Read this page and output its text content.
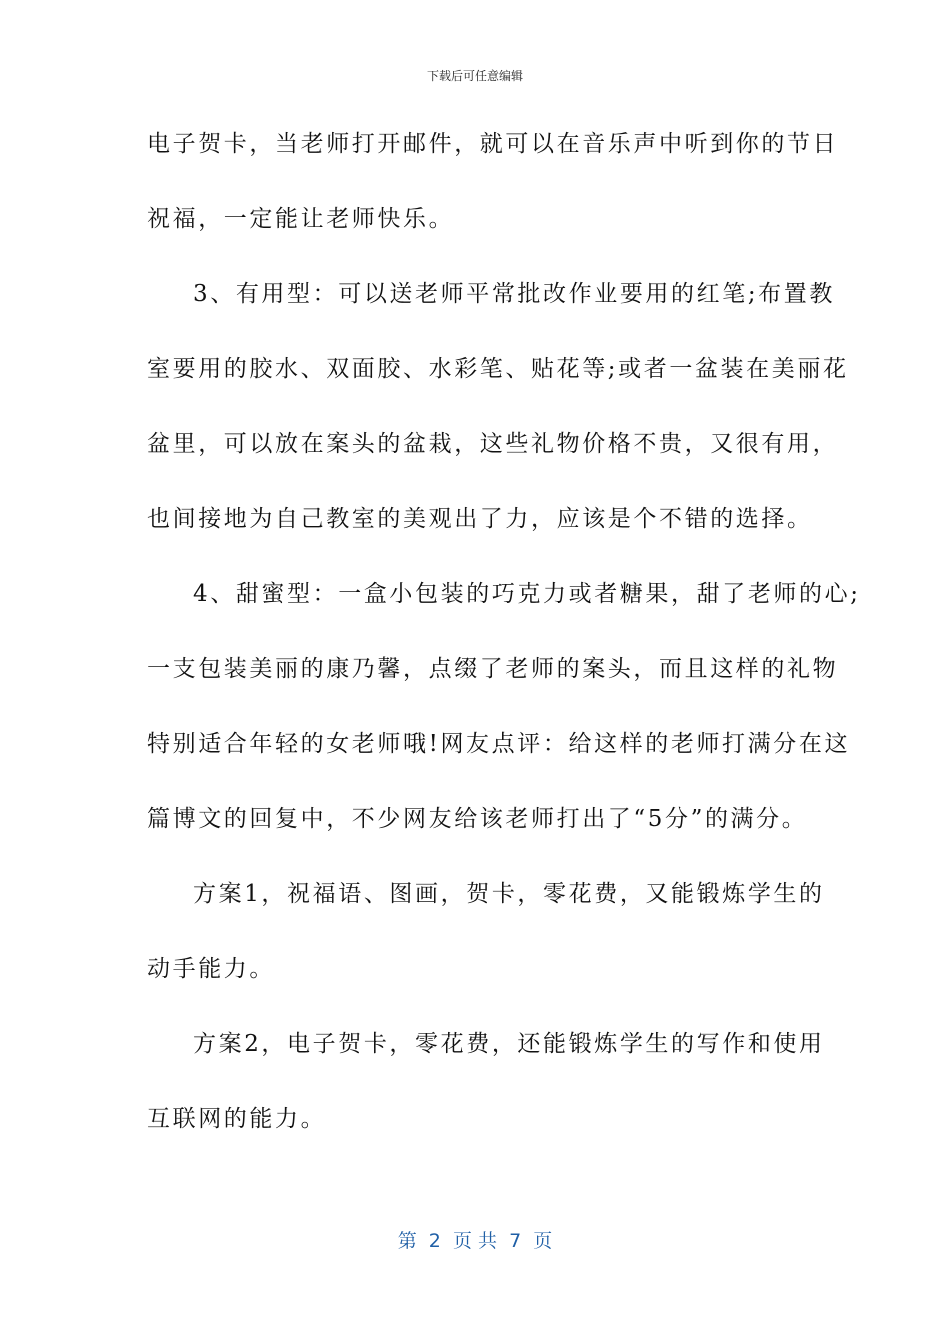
下载后可任意编辑
电子贺卡，当老师打开邮件，就可以在音乐声中听到你的节日
祝福，一定能让老师快乐。
3、有用型：可以送老师平常批改作业要用的红笔;布置教
室要用的胶水、双面胶、水彩笔、贴花等;或者一盆装在美丽花
盆里，可以放在案头的盆栽，这些礼物价格不贵，又很有用，
也间接地为自己教室的美观出了力，应该是个不错的选择。
4、甜蜜型：一盒小包装的巧克力或者糖果，甜了老师的心;
一支包装美丽的康乃馨，点缀了老师的案头，而且这样的礼物
特别适合年轻的女老师哦!网友点评：给这样的老师打满分在这
篇博文的回复中，不少网友给该老师打出了“5分”的满分。
方案1，祝福语、图画，贺卡，零花费，又能锻炼学生的
动手能力。
方案2，电子贺卡，零花费，还能锻炼学生的写作和使用
互联网的能力。
第  2  页 共  7  页
